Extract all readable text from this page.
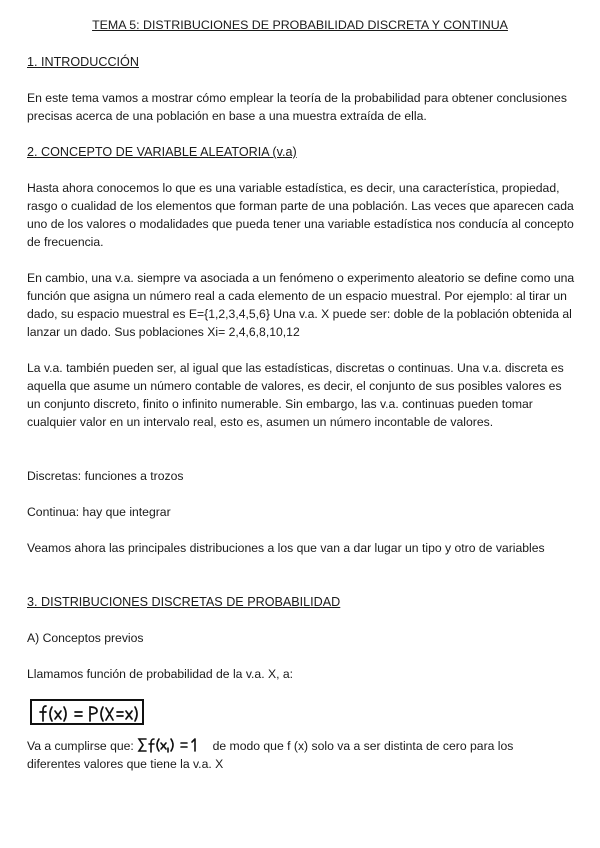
TEMA 5: DISTRIBUCIONES DE PROBABILIDAD DISCRETA Y CONTINUA
1. INTRODUCCIÓN
En este tema vamos a mostrar cómo emplear la teoría de la probabilidad para obtener conclusiones precisas acerca de una población en base a una muestra extraída de ella.
2. CONCEPTO DE VARIABLE ALEATORIA (v.a)
Hasta ahora conocemos lo que es una variable estadística, es decir, una característica, propiedad, rasgo o cualidad de los elementos que forman parte de una población. Las veces que aparecen cada uno de los valores o modalidades que pueda tener una variable estadística nos conducía al concepto de frecuencia.
En cambio, una v.a. siempre va asociada a un fenómeno o experimento aleatorio se define como una función que asigna un número real a cada elemento de un espacio muestral. Por ejemplo: al tirar un dado, su espacio muestral es E={1,2,3,4,5,6} Una v.a. X puede ser: doble de la población obtenida al lanzar un dado. Sus poblaciones Xi= 2,4,6,8,10,12
La v.a. también pueden ser, al igual que las estadísticas, discretas o continuas. Una v.a. discreta es aquella que asume un número contable de valores, es decir, el conjunto de sus posibles valores es un conjunto discreto, finito o infinito numerable. Sin embargo, las v.a. continuas pueden tomar cualquier valor en un intervalo real, esto es, asumen un número incontable de valores.
Discretas: funciones a trozos
Continua: hay que integrar
Veamos ahora las principales distribuciones a los que van a dar lugar un tipo y otro de variables
3. DISTRIBUCIONES DISCRETAS DE PROBABILIDAD
A) Conceptos previos
Llamamos función de probabilidad de la v.a. X, a:
Va a cumplirse que:	de modo que f (x) solo va a ser distinta de cero para los
diferentes valores que tiene la v.a. X
